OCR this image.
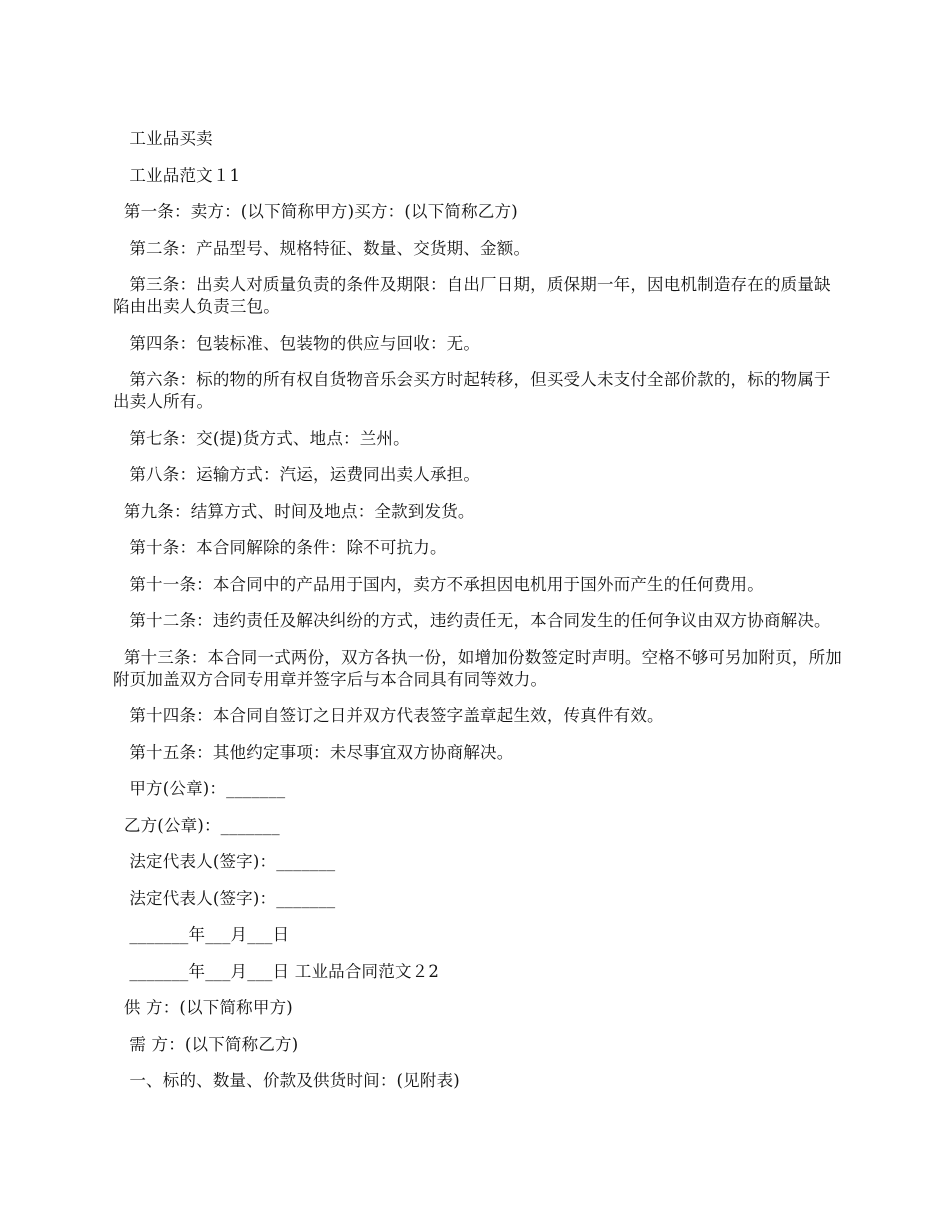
工业品买卖

工业品范文１1

第一条：卖方：(以下简称甲方)买方：(以下简称乙方)

第二条：产品型号、规格特征、数量、交货期、金额。

第三条：出卖人对质量负责的条件及期限：自出厂日期，质保期一年，因电机制造存在的质量缺陷由出卖人负责三包。

第四条：包装标准、包装物的供应与回收：无。

第六条：标的物的所有权自货物音乐会买方时起转移，但买受人未支付全部价款的，标的物属于出卖人所有。

第七条：交(提)货方式、地点：兰州。

第八条：运输方式：汽运，运费同出卖人承担。

第九条：结算方式、时间及地点：全款到发货。

第十条：本合同解除的条件：除不可抗力。

第十一条：本合同中的产品用于国内，卖方不承担因电机用于国外而产生的任何费用。

第十二条：违约责任及解决纠纷的方式，违约责任无，本合同发生的任何争议由双方协商解决。

第十三条：本合同一式两份，双方各执一份，如增加份数签定时声明。空格不够可另加附页，所加附页加盖双方合同专用章并签字后与本合同具有同等效力。

第十四条：本合同自签订之日并双方代表签字盖章起生效，传真件有效。

第十五条：其他约定事项：未尽事宜双方协商解决。

甲方(公章)：_______

乙方(公章)：_______

法定代表人(签字)：_______

法定代表人(签字)：_______

_______年___月___日

_______年___月___日 工业品合同范文２2

供 方：(以下简称甲方)

需 方：(以下简称乙方)

一、标的、数量、价款及供货时间：(见附表)
